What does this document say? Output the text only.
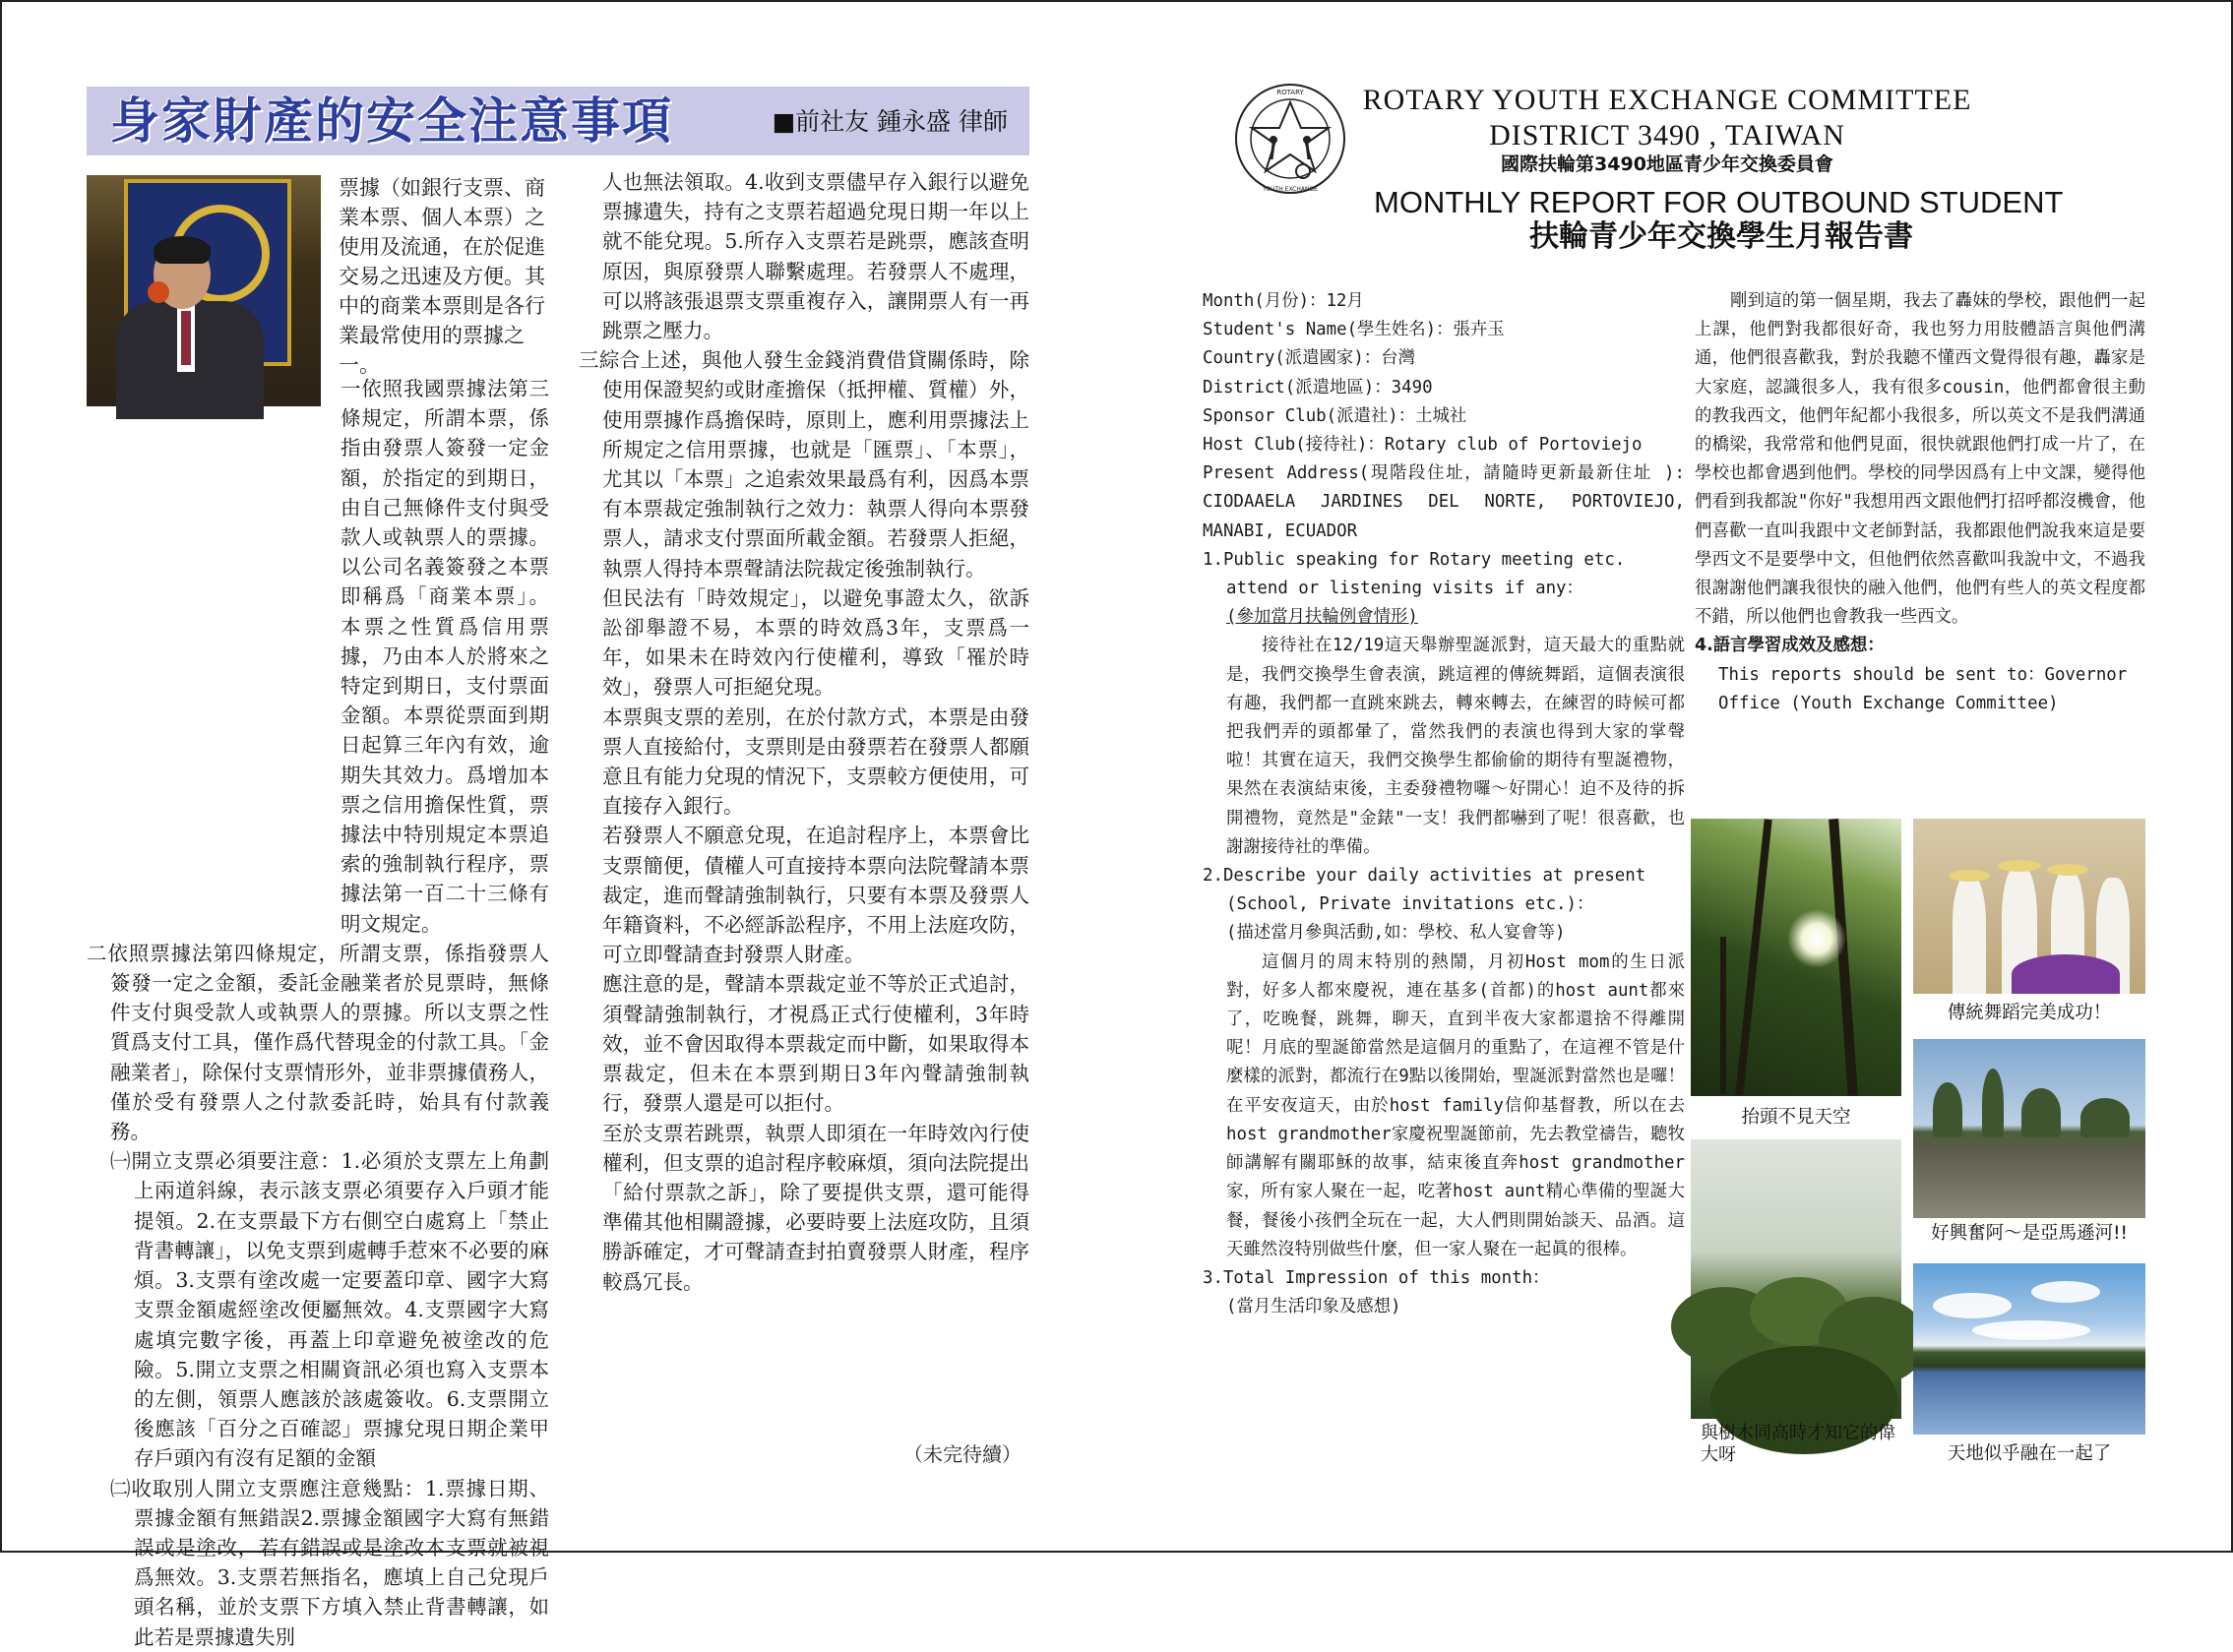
身家財產的安全注意事項	■前社友 鍾永盛 律師
票據（如銀行支票、商業本票、個人本票）之使用及流通，在於促進交易之迅速及方便。其中的商業本票則是各行業最常使用的票據之一。

一依照我國票據法第三條規定，所謂本票，係指由發票人簽發一定金額，於指定的到期日，由自己無條件支付與受款人或執票人的票據。以公司名義簽發之本票即稱爲「商業本票」。本票之性質爲信用票據，乃由本人於將來之特定到期日，支付票面金額。本票從票面到期日起算三年內有效，逾期失其效力。爲增加本票之信用擔保性質，票據法中特別規定本票追索的強制執行程序，票據法第一百二十三條有明文規定。

二依照票據法第四條規定，所謂支票，係指發票人簽發一定之金額，委託金融業者於見票時，無條件支付與受款人或執票人的票據。所以支票之性質爲支付工具，僅作爲代替現金的付款工具。「金融業者」，除保付支票情形外，並非票據債務人，僅於受有發票人之付款委託時，始具有付款義務。

㈠開立支票必須要注意：1.必須於支票左上角劃上兩道斜線，表示該支票必須要存入戶頭才能提領。2.在支票最下方右側空白處寫上「禁止背書轉讓」，以免支票到處轉手惹來不必要的麻煩。3.支票有塗改處一定要蓋印章、國字大寫支票金額處經塗改便屬無效。4.支票國字大寫處填完數字後，再蓋上印章避免被塗改的危險。5.開立支票之相關資訊必須也寫入支票本的左側，領票人應該於該處簽收。6.支票開立後應該「百分之百確認」票據兌現日期企業甲存戶頭內有沒有足額的金額

㈡收取別人開立支票應注意幾點：1.票據日期、票據金額有無錯誤2.票據金額國字大寫有無錯誤或是塗改，若有錯誤或是塗改本支票就被視爲無效。3.支票若無指名，應填上自己兌現戶頭名稱，並於支票下方填入禁止背書轉讓，如此若是票據遺失別

人也無法領取。4.收到支票儘早存入銀行以避免票據遺失，持有之支票若超過兌現日期一年以上就不能兌現。5.所存入支票若是跳票，應該查明原因，與原發票人聯繫處理。若發票人不處理，可以將該張退票支票重複存入，讓開票人有一再跳票之壓力。

三綜合上述，與他人發生金錢消費借貸關係時，除使用保證契約或財產擔保（抵押權、質權）外，使用票據作爲擔保時，原則上，應利用票據法上所規定之信用票據，也就是「匯票」、「本票」，尤其以「本票」之追索效果最爲有利，因爲本票有本票裁定強制執行之效力：執票人得向本票發票人，請求支付票面所載金額。若發票人拒絕，執票人得持本票聲請法院裁定後強制執行。

但民法有「時效規定」，以避免事證太久，欲訴訟卻舉證不易，本票的時效爲3年，支票爲一年，如果未在時效內行使權利，導致「罹於時效」，發票人可拒絕兌現。

本票與支票的差別，在於付款方式，本票是由發票人直接給付，支票則是由發票若在發票人都願意且有能力兌現的情況下，支票較方便使用，可直接存入銀行。

若發票人不願意兌現，在追討程序上，本票會比支票簡便，債權人可直接持本票向法院聲請本票裁定，進而聲請強制執行，只要有本票及發票人年籍資料，不必經訴訟程序，不用上法庭攻防，可立即聲請查封發票人財產。

應注意的是，聲請本票裁定並不等於正式追討，須聲請強制執行，才視爲正式行使權利，3年時效，並不會因取得本票裁定而中斷，如果取得本票裁定，但未在本票到期日3年內聲請強制執行，發票人還是可以拒付。

至於支票若跳票，執票人即須在一年時效內行使權利，但支票的追討程序較麻煩，須向法院提出「給付票款之訴」，除了要提供支票，還可能得準備其他相關證據，必要時要上法庭攻防，且須勝訴確定，才可聲請查封拍賣發票人財產，程序較爲冗長。

（未完待續）
ROTARY
YOUTH EXCHANGE
ROTARY YOUTH EXCHANGE COMMITTEE
DISTRICT 3490 , TAIWAN
國際扶輪第3490地區青少年交換委員會
MONTHLY REPORT FOR OUTBOUND STUDENT
扶輪青少年交換學生月報告書

Month(月份)：12月

Student's Name(學生姓名)：張卉玉

Country(派遣國家)：台灣

District(派遣地區)：3490

Sponsor Club(派遣社)：土城社

Host Club(接待社)：Rotary club of Portoviejo

Present Address(現階段住址，請隨時更新最新住址 ): CIODAAELA JARDINES DEL NORTE, PORTOVIEJO, MANABI, ECUADOR

1.Public speaking for Rotary meeting etc. attend or listening visits if any：

(參加當月扶輪例會情形)

接待社在12/19這天舉辦聖誕派對，這天最大的重點就是，我們交換學生會表演，跳這裡的傳統舞蹈，這個表演很有趣，我們都一直跳來跳去，轉來轉去，在練習的時候可都把我們弄的頭都暈了，當然我們的表演也得到大家的掌聲啦！其實在這天，我們交換學生都偷偷的期待有聖誕禮物，果然在表演結束後，主委發禮物囉～好開心！迫不及待的拆開禮物，竟然是"金錶"一支！我們都嚇到了呢！很喜歡，也謝謝接待社的準備。

2.Describe your daily activities at present (School, Private invitations etc.)：

(描述當月參與活動,如：學校、私人宴會等)

這個月的周末特別的熱鬧，月初Host mom的生日派對，好多人都來慶祝，連在基多(首都)的host aunt都來了，吃晚餐，跳舞，聊天，直到半夜大家都還捨不得離開呢！月底的聖誕節當然是這個月的重點了，在這裡不管是什麼樣的派對，都流行在9點以後開始，聖誕派對當然也是囉！在平安夜這天，由於host family信仰基督教，所以在去host grandmother家慶祝聖誕節前，先去教堂禱告，聽牧師講解有關耶穌的故事，結束後直奔host grandmother家，所有家人聚在一起，吃著host aunt精心準備的聖誕大餐，餐後小孩們全玩在一起，大人們則開始談天、品酒。這天雖然沒特別做些什麼，但一家人聚在一起眞的很棒。

3.Total Impression of this month：

(當月生活印象及感想)

剛到這的第一個星期，我去了轟妹的學校，跟他們一起上課，他們對我都很好奇，我也努力用肢體語言與他們溝通，他們很喜歡我，對於我聽不懂西文覺得很有趣，轟家是大家庭，認識很多人，我有很多cousin，他們都會很主動的教我西文，他們年紀都小我很多，所以英文不是我們溝通的橋梁，我常常和他們見面，很快就跟他們打成一片了，在學校也都會遇到他們。學校的同學因爲有上中文課，變得他們看到我都說"你好"我想用西文跟他們打招呼都沒機會，他們喜歡一直叫我跟中文老師對話，我都跟他們說我來這是要學西文不是要學中文，但他們依然喜歡叫我說中文，不過我很謝謝他們讓我很快的融入他們，他們有些人的英文程度都不錯，所以他們也會教我一些西文。

4.語言學習成效及感想：

This reports should be sent to：Governor Office (Youth Exchange Committee)

抬頭不見天空
傳統舞蹈完美成功！
好興奮阿～是亞馬遜河!!
與樹木同高時才知它的偉大呀	天地似乎融在一起了
